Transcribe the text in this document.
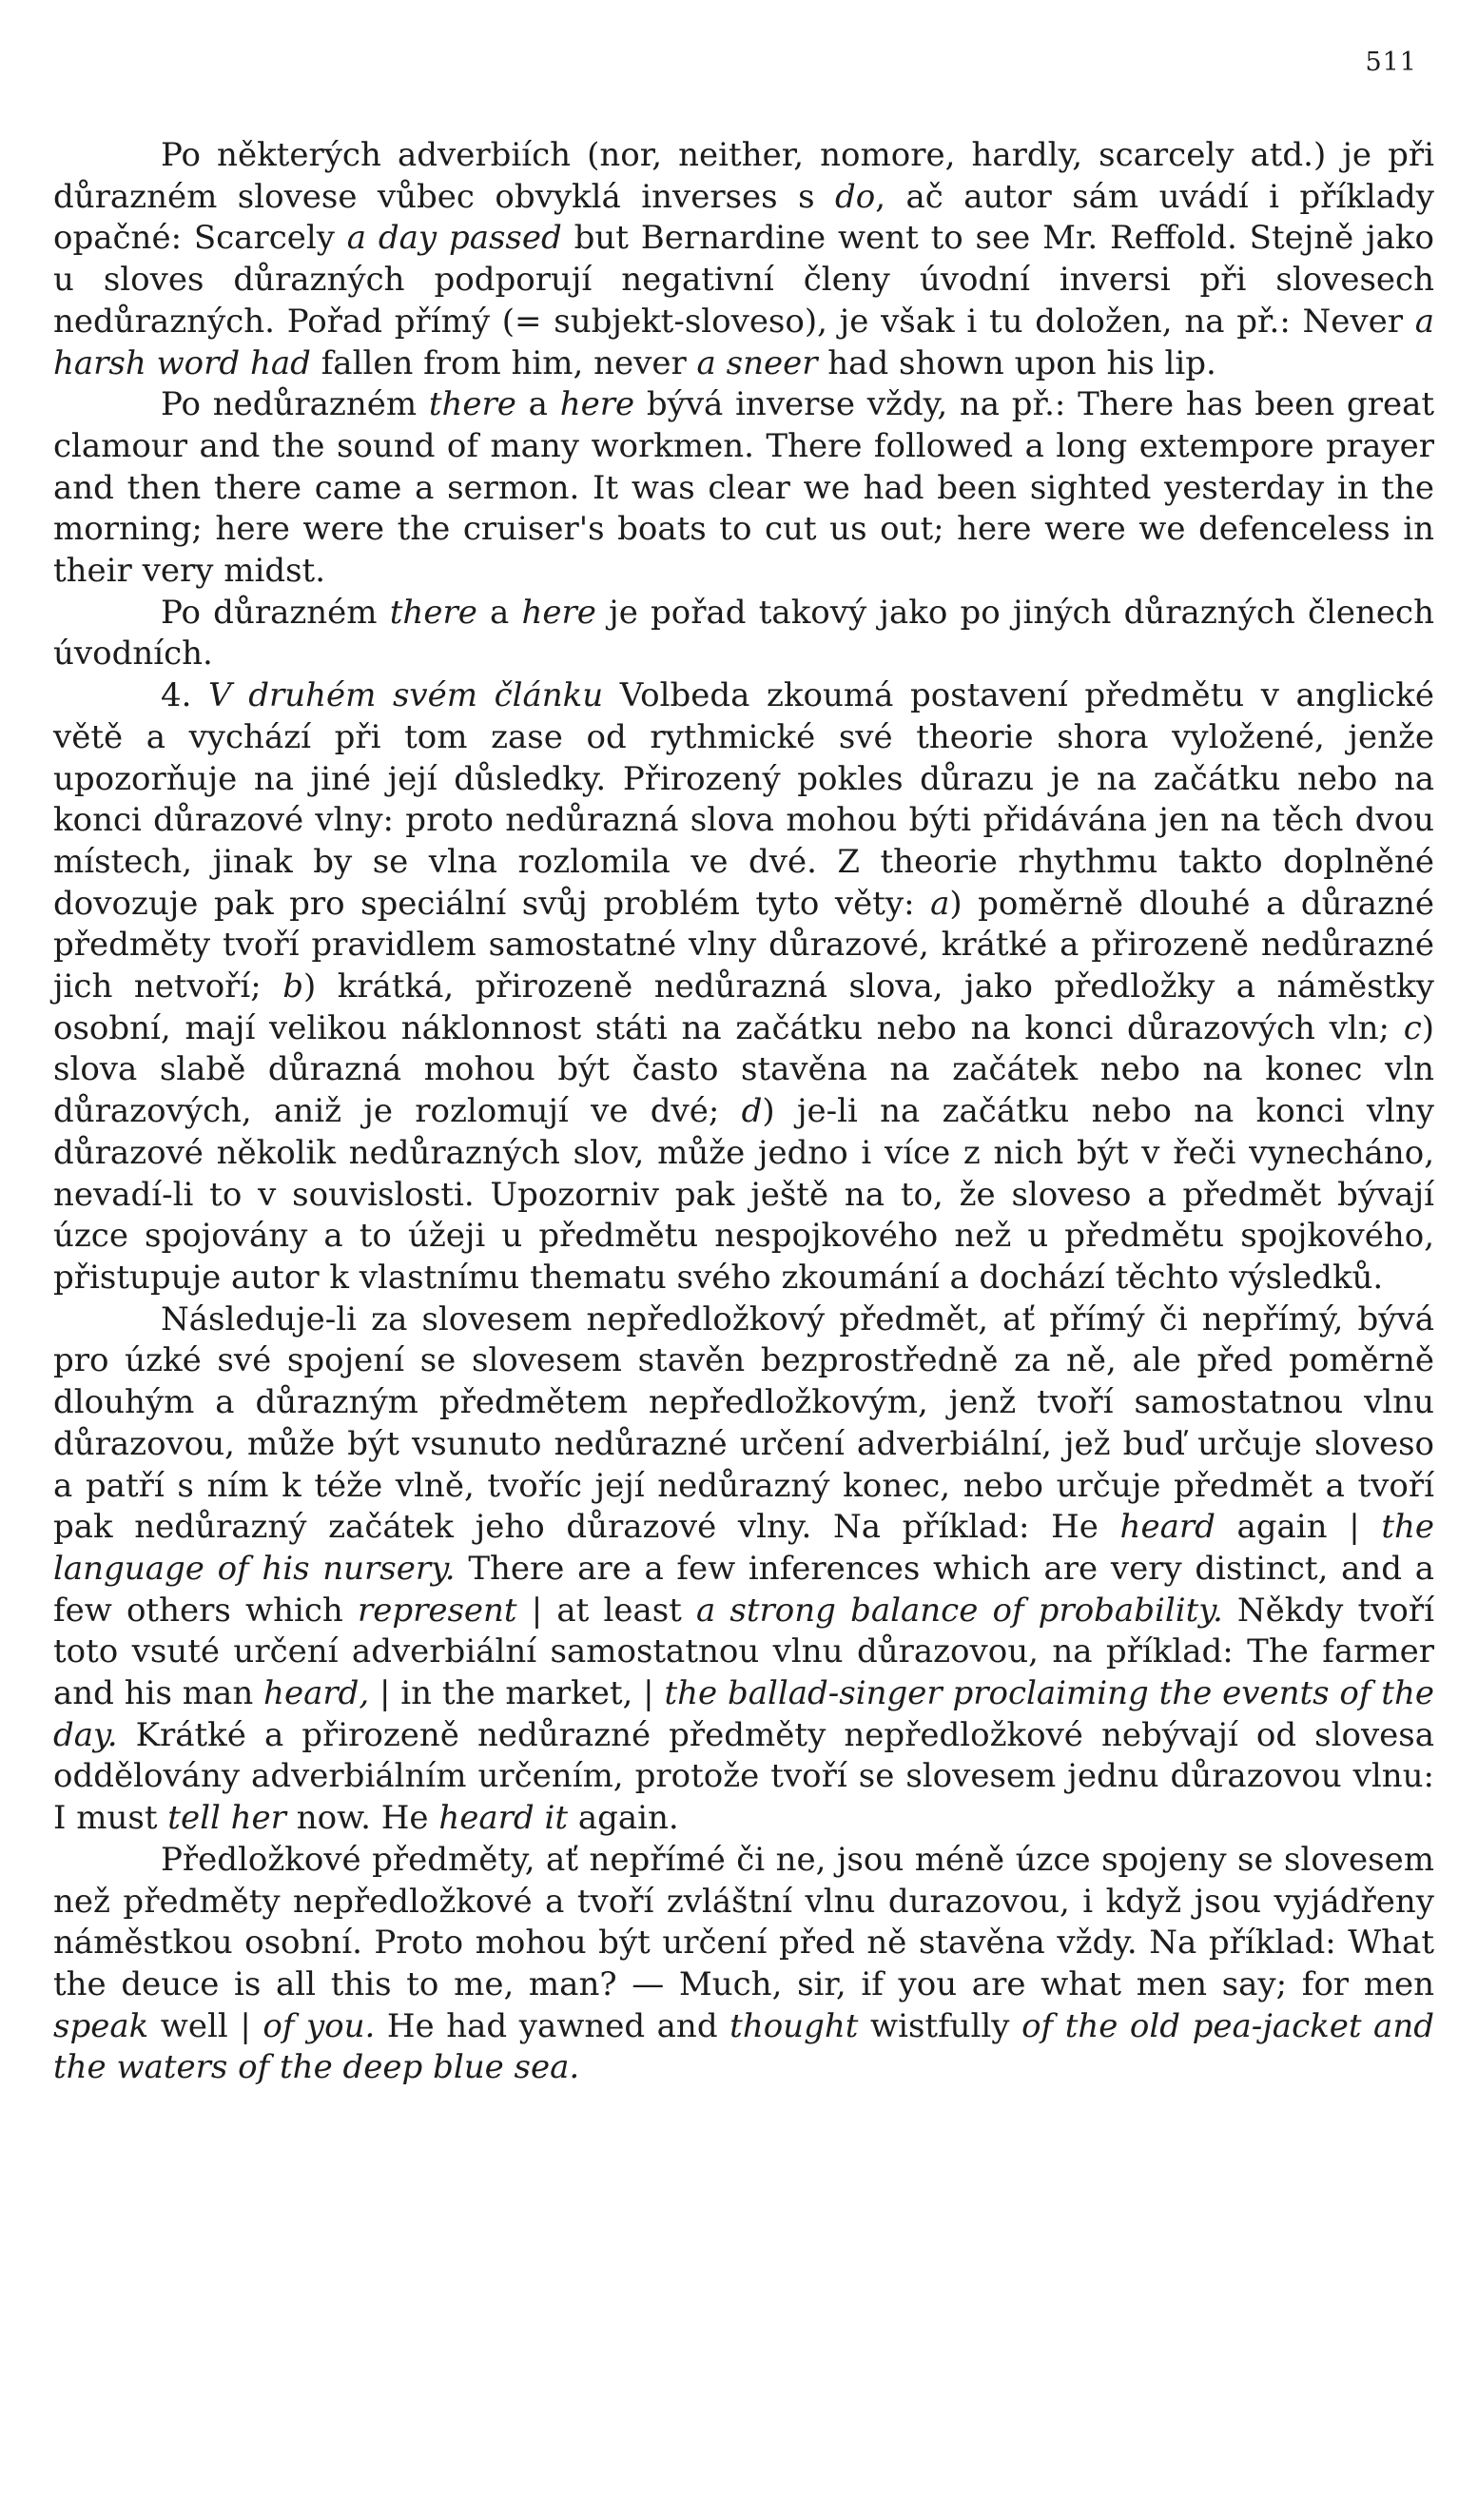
511

Po některých adverbiích (nor, neither, nomore, hardly, scarcely atd.) je při důrazném slovese vůbec obvyklá inverses s do, ač autor sám uvádí i příklady opačné: Scarcely a day passed but Bernardine went to see Mr. Reffold. Stejně jako u sloves důrazných podporují negativní členy úvodní inversi při slovesech nedůrazných. Pořad přímý (= subjekt-sloveso), je však i tu doložen, na př.: Never a harsh word had fallen from him, never a sneer had shown upon his lip.

Po nedůrazném there a here bývá inverse vždy, na př.: There has been great clamour and the sound of many workmen. There followed a long extempore prayer and then there came a sermon. It was clear we had been sighted yesterday in the morning; here were the cruiser's boats to cut us out; here were we defenceless in their very midst.

Po důrazném there a here je pořad takový jako po jiných důrazných členech úvodních.

4. V druhém svém článku Volbeda zkoumá postavení předmětu v anglické větě a vychází při tom zase od rythmické své theorie shora vyložené, jenže upozorňuje na jiné její důsledky. Přirozený pokles důrazu je na začátku nebo na konci důrazové vlny: proto nedůrazná slova mohou býti přidávána jen na těch dvou místech, jinak by se vlna rozlomila ve dvé. Z theorie rhythmu takto doplněné dovozuje pak pro speciální svůj problém tyto věty: a) poměrně dlouhé a důrazné předměty tvoří pravidlem samostatné vlny důrazové, krátké a přirozeně nedůrazné jich netvoří; b) krátká, přirozeně nedůrazná slova, jako předložky a náměstky osobní, mají velikou náklonnost státi na začátku nebo na konci důrazových vln; c) slova slabě důrazná mohou být často stavěna na začátek nebo na konec vln důrazových, aniž je rozlomují ve dvé; d) je-li na začátku nebo na konci vlny důrazové několik nedůrazných slov, může jedno i více z nich být v řeči vynecháno, nevadí-li to v souvislosti. Upozorniv pak ještě na to, že sloveso a předmět bývají úzce spojovány a to úžeji u předmětu nespojkového než u předmětu spojkového, přistupuje autor k vlastnímu thematu svého zkoumání a dochází těchto výsledků.

Následuje-li za slovesem nepředložkový předmět, ať přímý či nepřímý, bývá pro úzké své spojení se slovesem stavěn bezprostředně za ně, ale před poměrně dlouhým a důrazným předmětem nepředložkovým, jenž tvoří samostatnou vlnu důrazovou, může být vsunuto nedůrazné určení adverbiální, jež buď určuje sloveso a patří s ním k téže vlně, tvoříc její nedůrazný konec, nebo určuje předmět a tvoří pak nedůrazný začátek jeho důrazové vlny. Na příklad: He heard again | the language of his nursery. There are a few inferences which are very distinct, and a few others which represent | at least a strong balance of probability. Někdy tvoří toto vsuté určení adverbiální samostatnou vlnu důrazovou, na příklad: The farmer and his man heard, | in the market, | the ballad-singer proclaiming the events of the day. Krátké a přirozeně nedůrazné předměty nepředložkové nebývají od slovesa oddělovány adverbiálním určením, protože tvoří se slovesem jednu důrazovou vlnu: I must tell her now. He heard it again.

Předložkové předměty, ať nepřímé či ne, jsou méně úzce spojeny se slovesem než předměty nepředložkové a tvoří zvláštní vlnu durazovou, i když jsou vyjádřeny náměstkou osobní. Proto mohou být určení před ně stavěna vždy. Na příklad: What the deuce is all this to me, man? — Much, sir, if you are what men say; for men speak well | of you. He had yawned and thought wistfully of the old pea-jacket and the waters of the deep blue sea.
